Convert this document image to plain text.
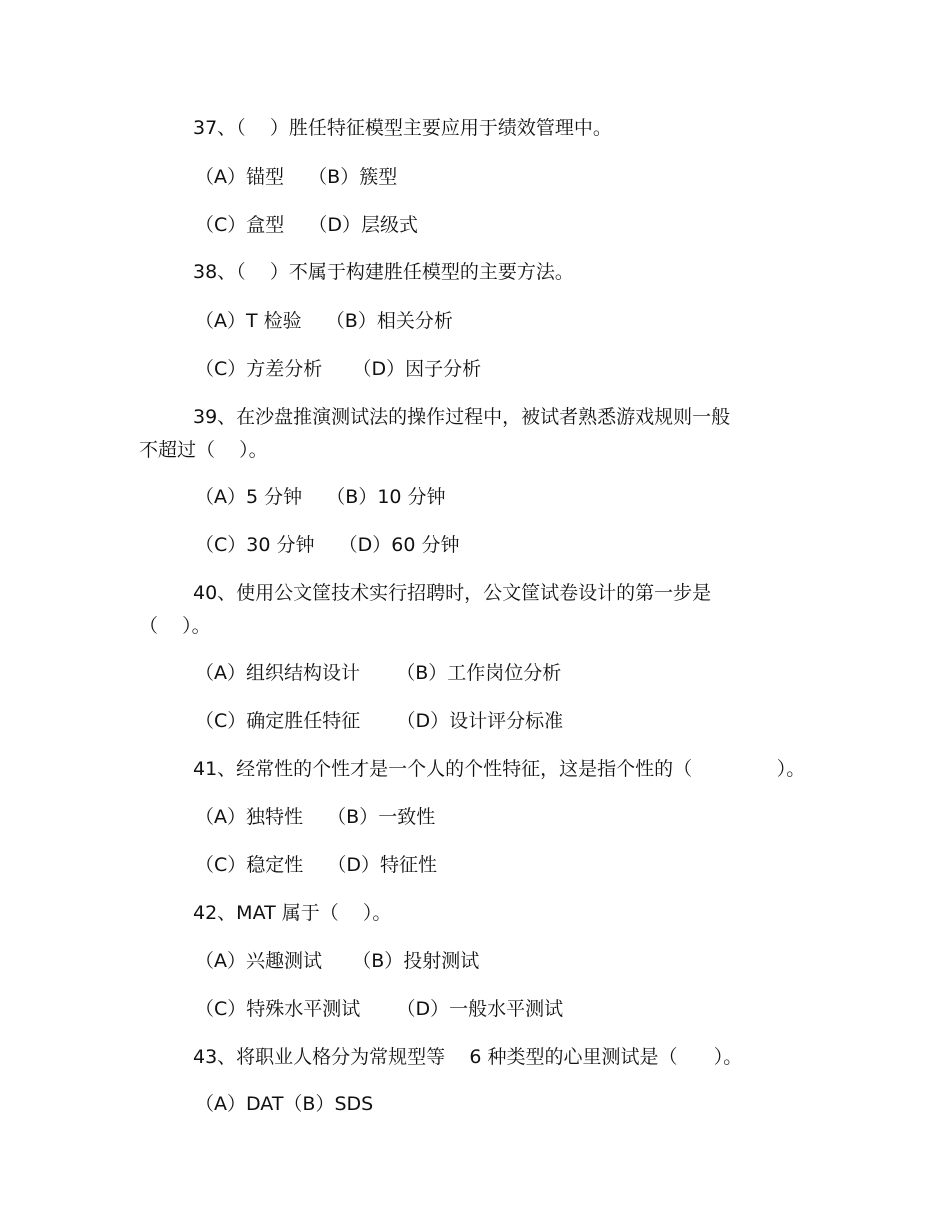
37、（    ）胜任特征模型主要应用于绩效管理中。
（A）锚型    （B）簇型
（C）盒型    （D）层级式
38、（    ）不属于构建胜任模型的主要方法。
（A）T 检验    （B）相关分析
（C）方差分析     （D）因子分析
39、在沙盘推演测试法的操作过程中，被试者熟悉游戏规则一般
不超过（    ）。
（A）5 分钟    （B）10 分钟
（C）30 分钟    （D）60 分钟
40、使用公文筐技术实行招聘时，公文筐试卷设计的第一步是
（    ）。
（A）组织结构设计      （B）工作岗位分析
（C）确定胜任特征      （D）设计评分标准
41、经常性的个性才是一个人的个性特征，这是指个性的（              ）。
（A）独特性    （B）一致性
（C）稳定性    （D）特征性
42、MAT 属于（    ）。
（A）兴趣测试     （B）投射测试
（C）特殊水平测试      （D）一般水平测试
43、将职业人格分为常规型等    6 种类型的心里测试是（      ）。
（A）DAT（B）SDS
